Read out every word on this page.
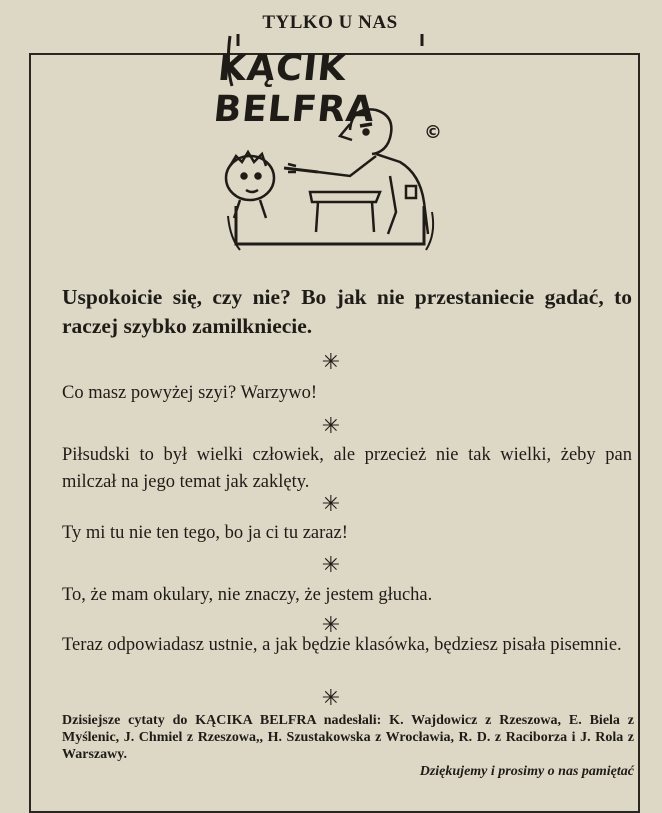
TYLKO U NAS
KĄCIK BELFRA
©
Uspokoicie się, czy nie? Bo jak nie przestaniecie gadać, to raczej szybko zamilkniecie.
✳
Co masz powyżej szyi? Warzywo!
✳
Piłsudski to był wielki człowiek, ale przecież nie tak wielki, żeby pan milczał na jego temat jak zaklęty.
✳
Ty mi tu nie ten tego, bo ja ci tu zaraz!
✳
To, że mam okulary, nie znaczy, że jestem głucha.
✳
Teraz odpowiadasz ustnie, a jak będzie klasówka, będziesz pisała pisemnie.
✳
Dzisiejsze cytaty do KĄCIKA BELFRA nadesłali: K. Wajdowicz z Rzeszowa, E. Biela z Myślenic, J. Chmiel z Rzeszowa,, H. Szustakowska z Wrocławia, R. D. z Raciborza i J. Rola z Warszawy.
Dziękujemy i prosimy o nas pamiętać
